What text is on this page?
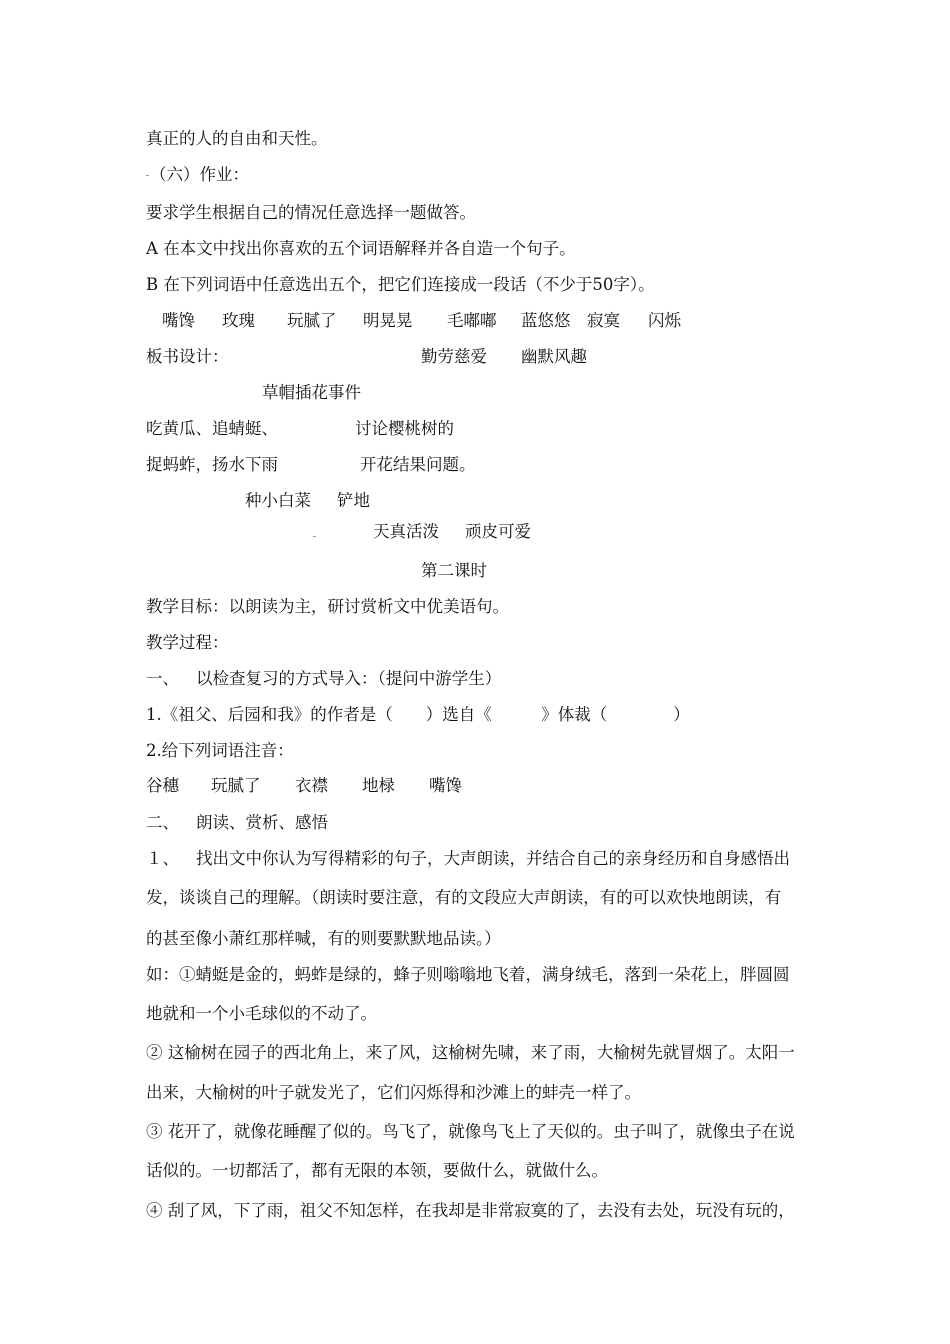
真正的人的自由和天性。
（六）作业：
要求学生根据自己的情况任意选择一题做答。
A 在本文中找出你喜欢的五个词语解释并各自造一个句子。
B 在下列词语中任意选出五个，把它们连接成一段话（不少于50字）。
嘴馋 玫瑰 玩腻了 明晃晃 毛嘟嘟 蓝悠悠 寂寞 闪烁
板书设计：	勤劳慈爱 幽默风趣
草帽插花事件
吃黄瓜、追蜻蜓、	讨论樱桃树的
捉蚂蚱，扬水下雨	开花结果问题。
种小白菜 铲地
天真活泼 顽皮可爱
第二课时
教学目标：以朗读为主，研讨赏析文中优美语句。
教学过程：
一、 以检查复习的方式导入：（提问中游学生）
1.《祖父、后园和我》的作者是（　　）选自《　　　》体裁（　　　　）
2.给下列词语注音：
谷穗 玩腻了 衣襟 地椂 嘴馋
二、 朗读、赏析、感悟
１、 找出文中你认为写得精彩的句子，大声朗读，并结合自己的亲身经历和自身感悟出
发，谈谈自己的理解。（朗读时要注意，有的文段应大声朗读，有的可以欢快地朗读，有
的甚至像小萧红那样喊，有的则要默默地品读。）
如：①蜻蜓是金的，蚂蚱是绿的，蜂子则嗡嗡地飞着，满身绒毛，落到一朵花上，胖圆圆
地就和一个小毛球似的不动了。
② 这榆树在园子的西北角上，来了风，这榆树先啸，来了雨，大榆树先就冒烟了。太阳一
出来，大榆树的叶子就发光了，它们闪烁得和沙滩上的蚌壳一样了。
③ 花开了，就像花睡醒了似的。鸟飞了，就像鸟飞上了天似的。虫子叫了，就像虫子在说
话似的。一切都活了，都有无限的本领，要做什么，就做什么。
④ 刮了风，下了雨，祖父不知怎样，在我却是非常寂寞的了，去没有去处，玩没有玩的，
